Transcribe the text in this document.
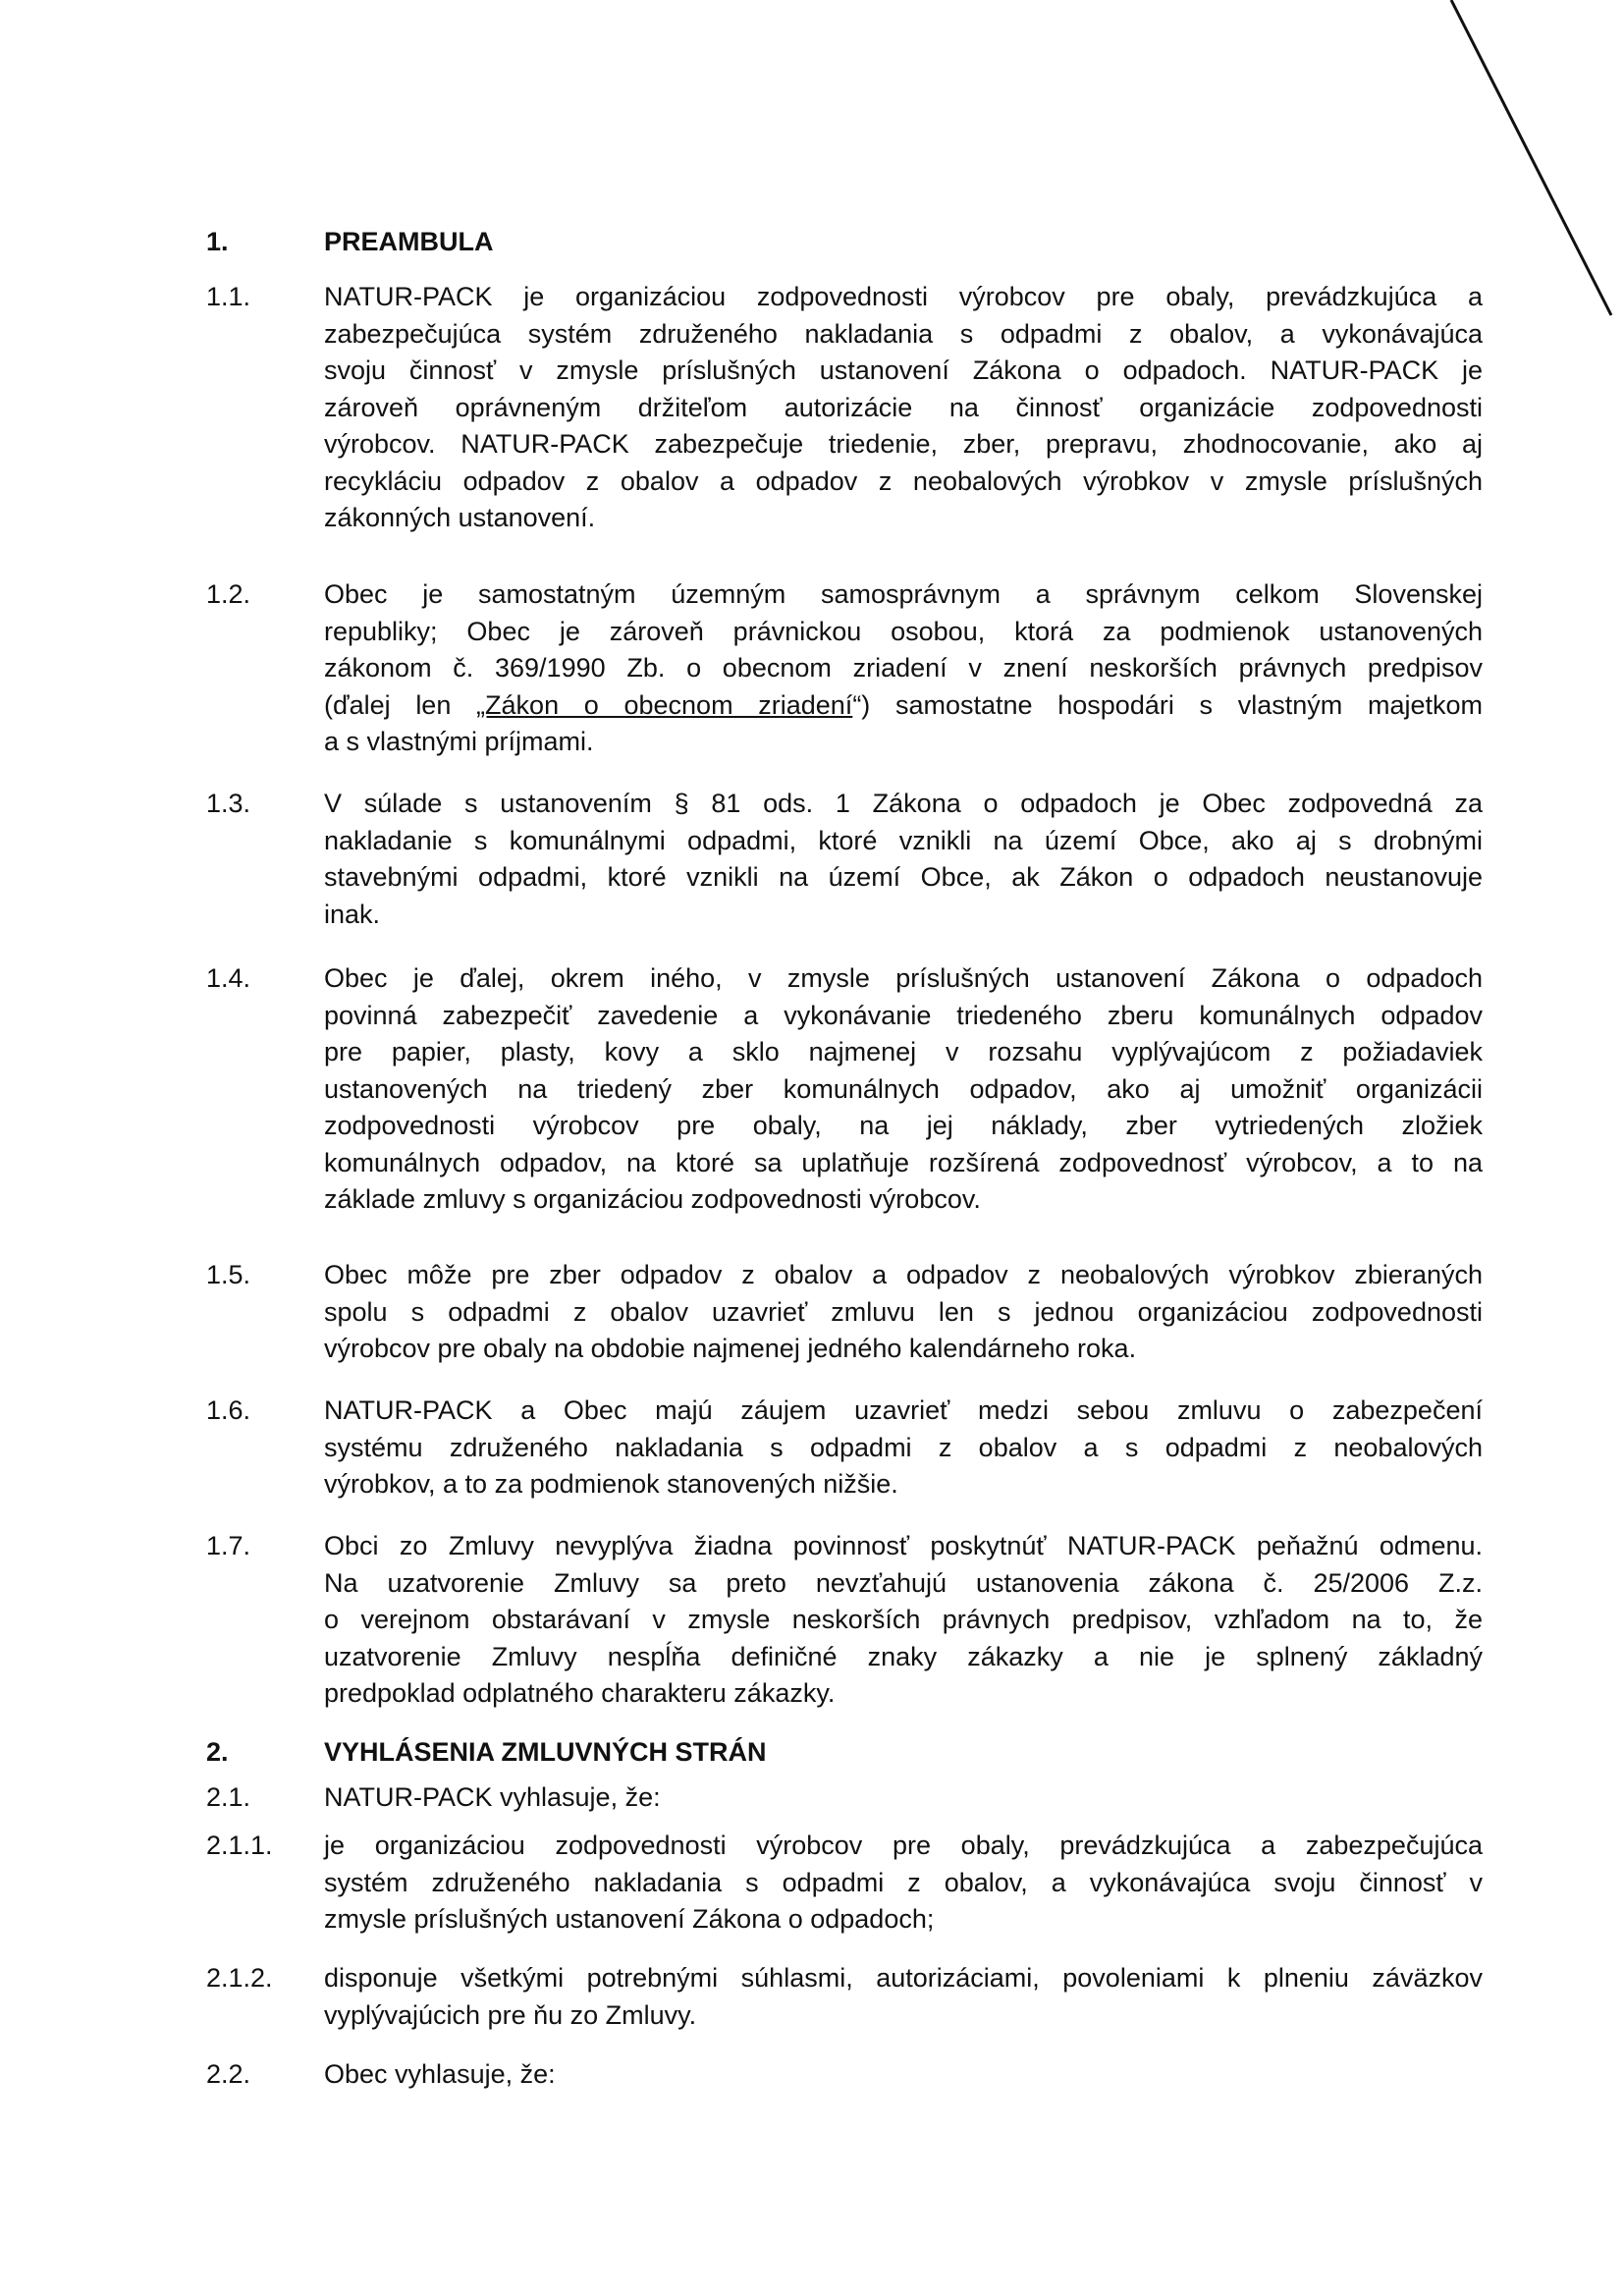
1.	PREAMBULA
1.1.	NATUR-PACK je organizáciou zodpovednosti výrobcov pre obaly, prevádzkujúca a
zabezpečujúca systém združeného nakladania s odpadmi z obalov, a vykonávajúca
svoju činnosť v zmysle príslušných ustanovení Zákona o odpadoch. NATUR-PACK je
zároveň oprávneným držiteľom autorizácie na činnosť organizácie zodpovednosti
výrobcov. NATUR-PACK zabezpečuje triedenie, zber, prepravu, zhodnocovanie, ako aj
recykláciu odpadov z obalov a odpadov z neobalových výrobkov v zmysle príslušných
zákonných ustanovení.
1.2.	Obec je samostatným územným samosprávnym a správnym celkom Slovenskej
republiky; Obec je zároveň právnickou osobou, ktorá za podmienok ustanovených
zákonom č. 369/1990 Zb. o obecnom zriadení v znení neskorších právnych predpisov
(ďalej len „Zákon o obecnom zriadení“) samostatne hospodári s vlastným majetkom
a s vlastnými príjmami.
1.3.	V súlade s ustanovením § 81 ods. 1 Zákona o odpadoch je Obec zodpovedná za
nakladanie s komunálnymi odpadmi, ktoré vznikli na území Obce, ako aj s drobnými
stavebnými odpadmi, ktoré vznikli na území Obce, ak Zákon o odpadoch neustanovuje
inak.
1.4.	Obec je ďalej, okrem iného, v zmysle príslušných ustanovení Zákona o odpadoch
povinná zabezpečiť zavedenie a vykonávanie triedeného zberu komunálnych odpadov
pre papier, plasty, kovy a sklo najmenej v rozsahu vyplývajúcom z požiadaviek
ustanovených na triedený zber komunálnych odpadov, ako aj umožniť organizácii
zodpovednosti výrobcov pre obaly, na jej náklady, zber vytriedených zložiek
komunálnych odpadov, na ktoré sa uplatňuje rozšírená zodpovednosť výrobcov, a to na
základe zmluvy s organizáciou zodpovednosti výrobcov.
1.5.	Obec môže pre zber odpadov z obalov a odpadov z neobalových výrobkov zbieraných
spolu s odpadmi z obalov uzavrieť zmluvu len s jednou organizáciou zodpovednosti
výrobcov pre obaly na obdobie najmenej jedného kalendárneho roka.
1.6.	NATUR-PACK a Obec majú záujem uzavrieť medzi sebou zmluvu o zabezpečení
systému združeného nakladania s odpadmi z obalov a s odpadmi z neobalových
výrobkov, a to za podmienok stanovených nižšie.
1.7.	Obci zo Zmluvy nevyplýva žiadna povinnosť poskytnúť NATUR-PACK peňažnú odmenu.
Na uzatvorenie Zmluvy sa preto nevzťahujú ustanovenia zákona č. 25/2006 Z.z.
o verejnom obstarávaní v zmysle neskorších právnych predpisov, vzhľadom na to, že
uzatvorenie Zmluvy nespĺňa definičné znaky zákazky a nie je splnený základný
predpoklad odplatného charakteru zákazky.
2.	VYHLÁSENIA ZMLUVNÝCH STRÁN
2.1.	NATUR-PACK vyhlasuje, že:
2.1.1.	je organizáciou zodpovednosti výrobcov pre obaly, prevádzkujúca a zabezpečujúca
systém združeného nakladania s odpadmi z obalov, a vykonávajúca svoju činnosť v
zmysle príslušných ustanovení Zákona o odpadoch;
2.1.2.	disponuje všetkými potrebnými súhlasmi, autorizáciami, povoleniami k plneniu záväzkov
vyplývajúcich pre ňu zo Zmluvy.
2.2.	Obec vyhlasuje, že:
